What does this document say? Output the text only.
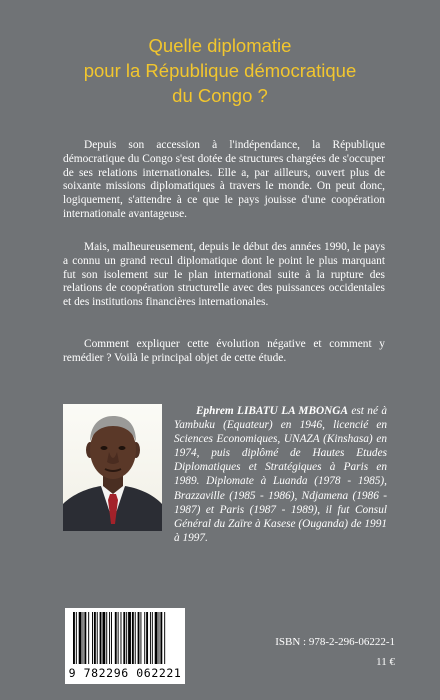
Quelle diplomatie
pour la République démocratique
du Congo ?

Depuis son accession à l'indépendance, la République démocratique du Congo s'est dotée de structures chargées de s'occuper de ses relations internationales. Elle a, par ailleurs, ouvert plus de soixante missions diplomatiques à travers le monde. On peut donc, logiquement, s'attendre à ce que le pays jouisse d'une coopération internationale avantageuse.

Mais, malheureusement, depuis le début des années 1990, le pays a connu un grand recul diplomatique dont le point le plus marquant fut son isolement sur le plan international suite à la rupture des relations de coopération structurelle avec des puissances occidentales et des institutions financières internationales.

Comment expliquer cette évolution négative et comment y remédier ? Voilà le principal objet de cette étude.

Ephrem LIBATU LA MBONGA est né à Yambuku (Equateur) en 1946, licencié en Sciences Economiques, UNAZA (Kinshasa) en 1974, puis diplômé de Hautes Etudes Diplomatiques et Stratégiques à Paris en 1989. Diplomate à Luanda (1978 - 1985), Brazzaville (1985 - 1986), Ndjamena (1986 - 1987) et Paris (1987 - 1989), il fut Consul Général du Zaïre à Kasese (Ouganda) de 1991 à 1997.

9 782296 062221
ISBN : 978-2-296-06222-1
11 €
